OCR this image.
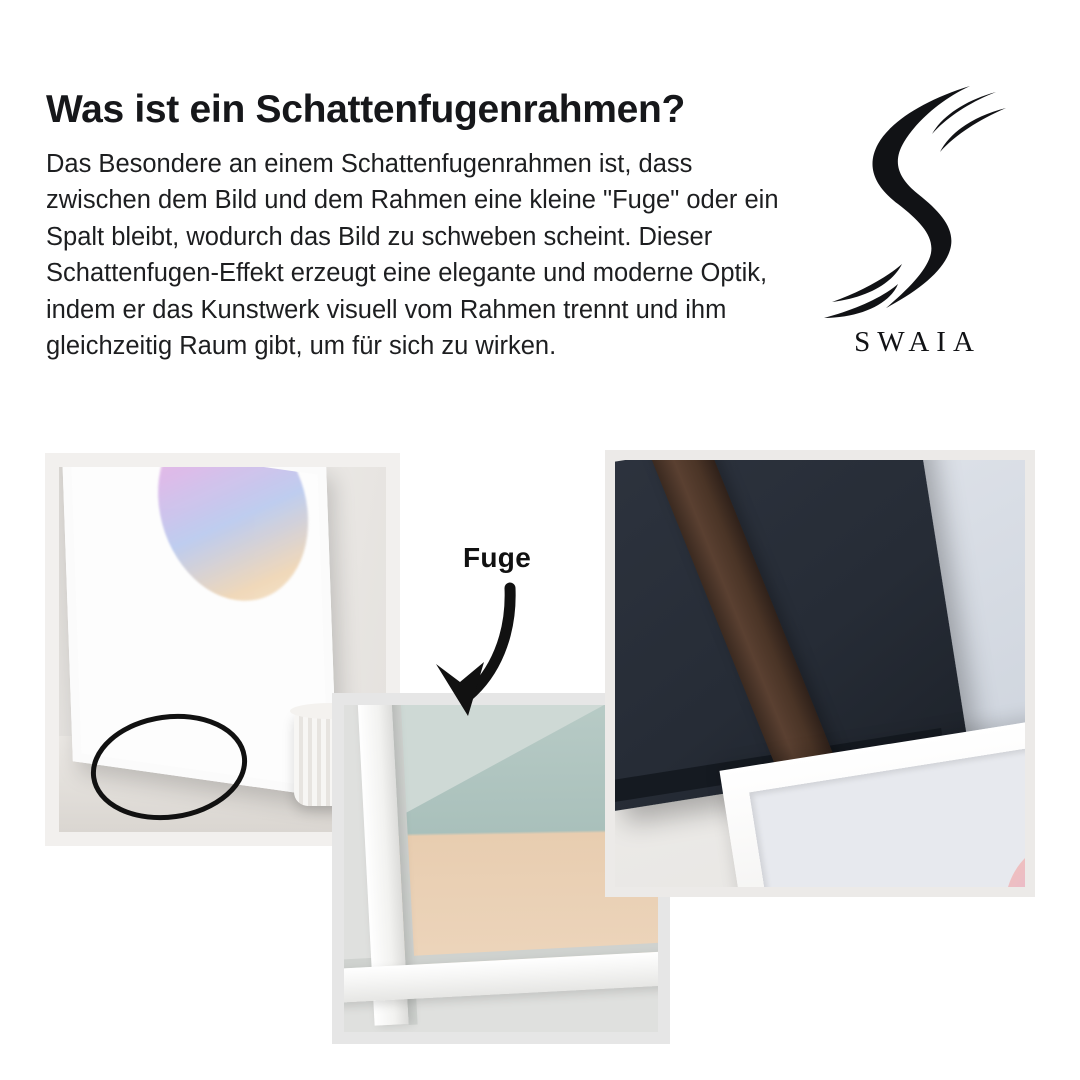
Was ist ein Schattenfugenrahmen?

Das Besondere an einem Schattenfugenrahmen ist, dass zwischen dem Bild und dem Rahmen eine kleine "Fuge" oder ein Spalt bleibt, wodurch das Bild zu schweben scheint. Dieser Schattenfugen-Effekt erzeugt eine elegante und moderne Optik, indem er das Kunstwerk visuell vom Rahmen trennt und ihm gleichzeitig Raum gibt, um für sich zu wirken.	SWAIA
Fuge
